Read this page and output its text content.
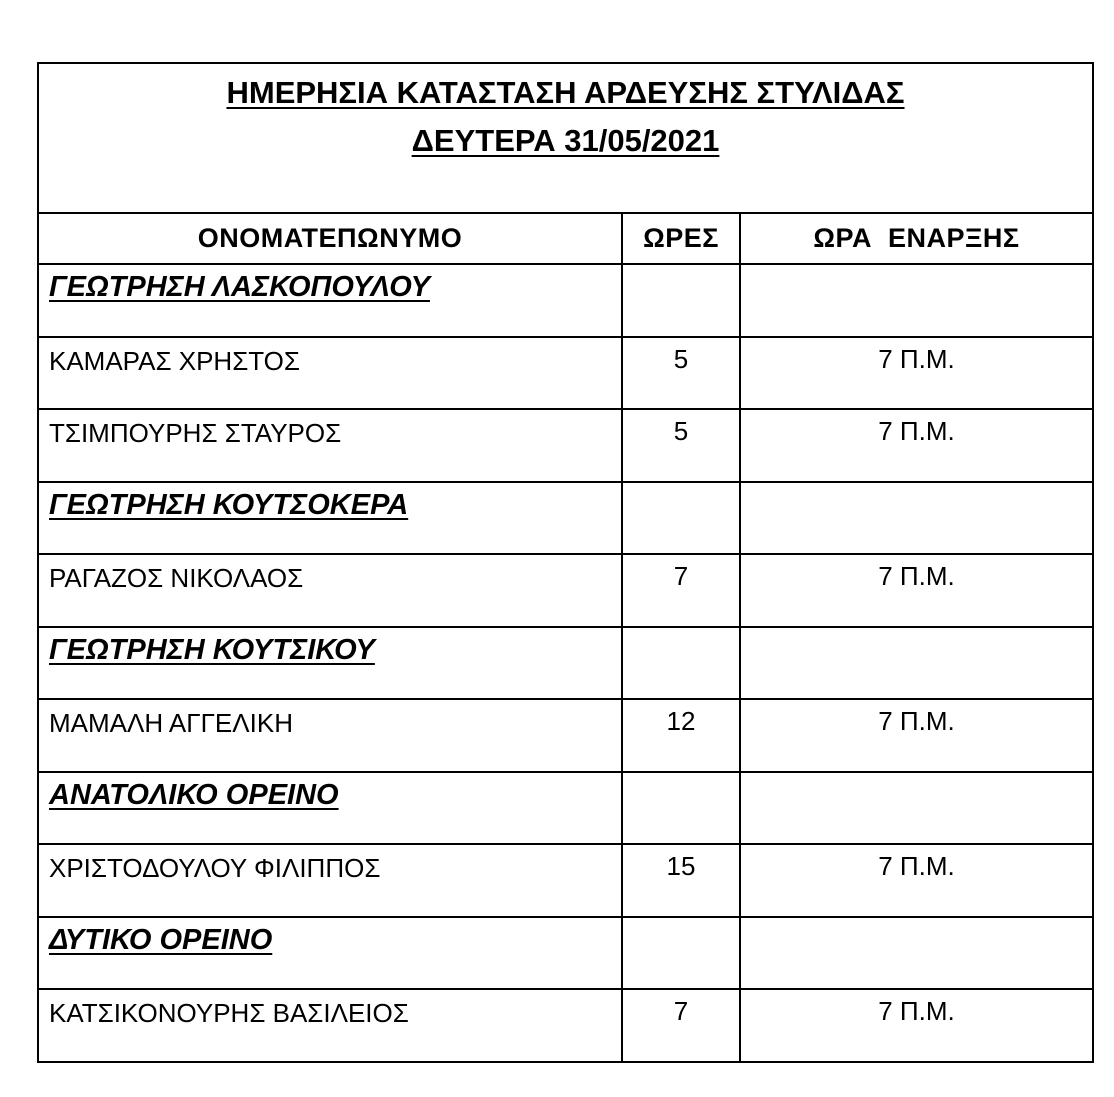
ΗΜΕΡΗΣΙΑ ΚΑΤΑΣΤΑΣΗ ΑΡΔΕΥΣΗΣ ΣΤΥΛΙΔΑΣ
ΔΕΥΤΕΡΑ 31/05/2021		

ΟΝΟΜΑΤΕΠΩΝΥΜΟ	ΩΡΕΣ	ΩΡΑ  ΕΝΑΡΞΗΣ
ΓΕΩΤΡΗΣΗ ΛΑΣΚΟΠΟΥΛΟΥ		
ΚΑΜΑΡΑΣ ΧΡΗΣΤΟΣ	5	7 Π.Μ.
ΤΣΙΜΠΟΥΡΗΣ ΣΤΑΥΡΟΣ	5	7 Π.Μ.
ΓΕΩΤΡΗΣΗ ΚΟΥΤΣΟΚΕΡΑ		
ΡΑΓΑΖΟΣ ΝΙΚΟΛΑΟΣ	7	7 Π.Μ.
ΓΕΩΤΡΗΣΗ ΚΟΥΤΣΙΚΟΥ		
ΜΑΜΑΛΗ ΑΓΓΕΛΙΚΗ	12	7 Π.Μ.
ΑΝΑΤΟΛΙΚΟ ΟΡΕΙΝΟ		
ΧΡΙΣΤΟΔΟΥΛΟΥ ΦΙΛΙΠΠΟΣ	15	7 Π.Μ.
ΔΥΤΙΚΟ ΟΡΕΙΝΟ		
ΚΑΤΣΙΚΟΝΟΥΡΗΣ ΒΑΣΙΛΕΙΟΣ	7	7 Π.Μ.
